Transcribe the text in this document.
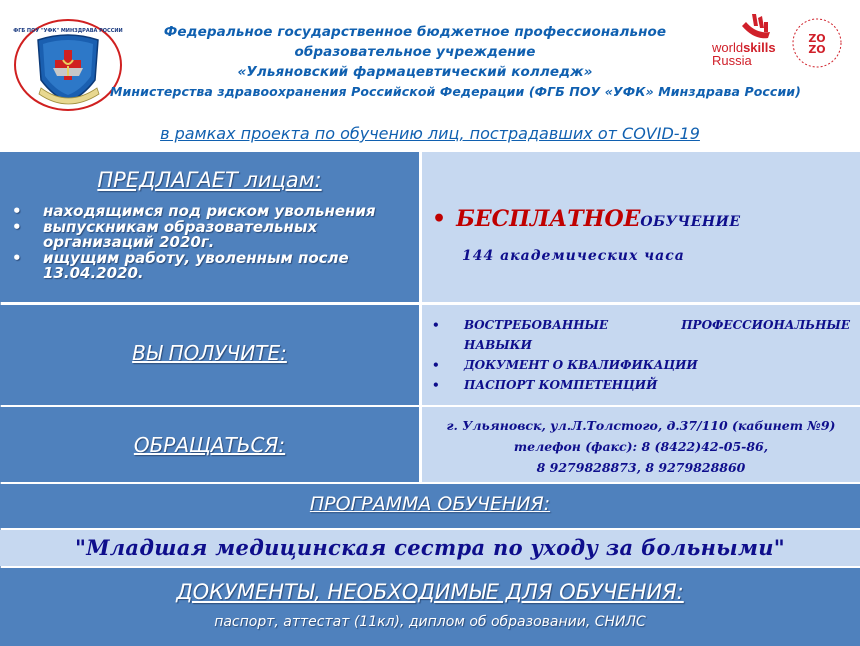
ФГБ ПОУ "УФК" МИНЗДРАВА РОССИИ	Федеральное государственное бюджетное профессиональное
образовательное учреждение
«Ульяновский фармацевтический колледж»
Министерства здравоохранения Российской Федерации (ФГБ ПОУ «УФК» Минздрава России)
worldskills
Russia
ZO
ZO
в рамках проекта по обучению лиц, пострадавших от COVID-19
ПРЕДЛАГАЕТ лицам:
• находящимся под риском увольнения
• выпускникам образовательных организаций 2020г.
• ищущим работу, уволенным после 13.04.2020.
• БЕСПЛАТНОЕОБУЧЕНИЕ
144 академических часа
ВЫ ПОЛУЧИТЕ:
• ВОСТРЕБОВАННЫЕ	ПРОФЕССИОНАЛЬНЫЕ
НАВЫКИ
• ДОКУМЕНТ О КВАЛИФИКАЦИИ
• ПАСПОРТ КОМПЕТЕНЦИЙ
ОБРАЩАТЬСЯ:
г. Ульяновск, ул.Л.Толстого, д.37/110 (кабинет №9)
телефон (факс): 8 (8422)42-05-86,
8 9279828873, 8 9279828860
ПРОГРАММА ОБУЧЕНИЯ:
"Младшая медицинская сестра по уходу за больными"
ДОКУМЕНТЫ, НЕОБХОДИМЫЕ ДЛЯ ОБУЧЕНИЯ:
паспорт, аттестат (11кл), диплом об образовании, СНИЛС
